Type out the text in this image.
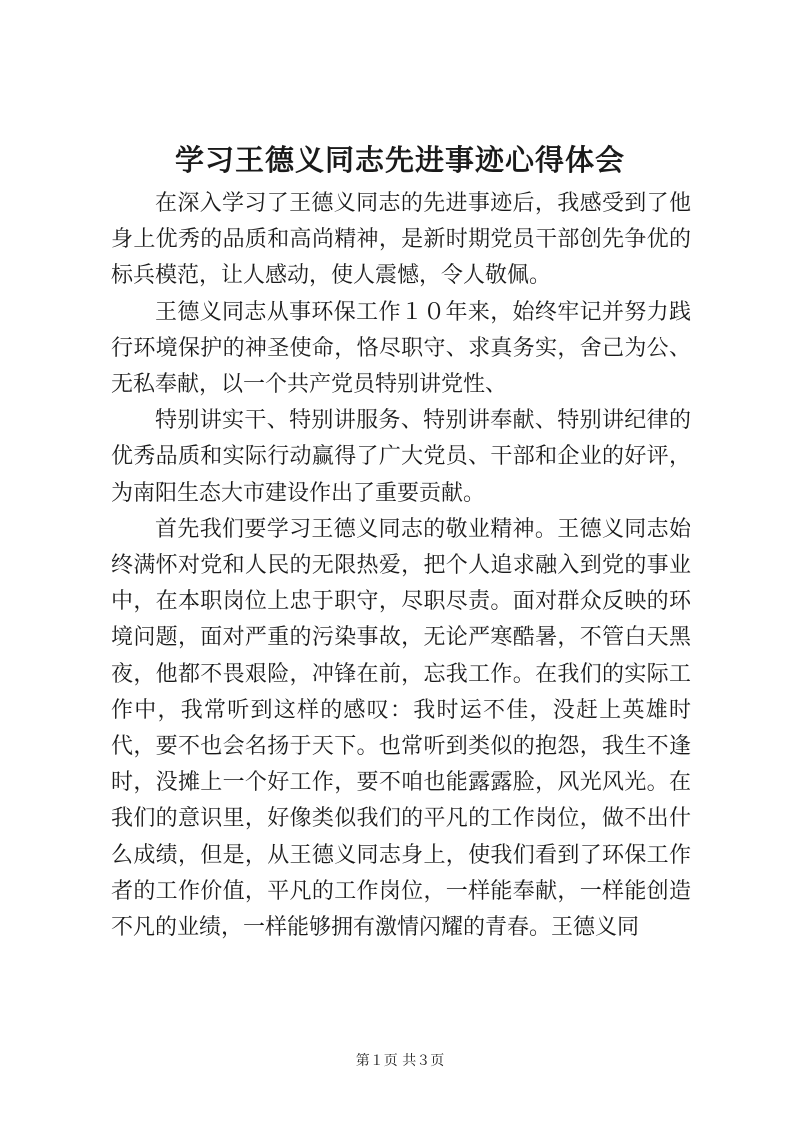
学习王德义同志先进事迹心得体会

在深入学习了王德义同志的先进事迹后，我感受到了他身上优秀的品质和高尚精神，是新时期党员干部创先争优的标兵模范，让人感动，使人震憾，令人敬佩。

王德义同志从事环保工作１０年来，始终牢记并努力践行环境保护的神圣使命，恪尽职守、求真务实，舍己为公、无私奉献，以一个共产党员特别讲党性、

特别讲实干、特别讲服务、特别讲奉献、特别讲纪律的优秀品质和实际行动赢得了广大党员、干部和企业的好评，为南阳生态大市建设作出了重要贡献。

首先我们要学习王德义同志的敬业精神。王德义同志始终满怀对党和人民的无限热爱，把个人追求融入到党的事业中，在本职岗位上忠于职守，尽职尽责。面对群众反映的环境问题，面对严重的污染事故，无论严寒酷暑，不管白天黑夜，他都不畏艰险，冲锋在前，忘我工作。在我们的实际工作中，我常听到这样的感叹：我时运不佳，没赶上英雄时代，要不也会名扬于天下。也常听到类似的抱怨，我生不逢时，没摊上一个好工作，要不咱也能露露脸，风光风光。在我们的意识里，好像类似我们的平凡的工作岗位，做不出什么成绩，但是，从王德义同志身上，使我们看到了环保工作者的工作价值，平凡的工作岗位，一样能奉献，一样能创造不凡的业绩，一样能够拥有激情闪耀的青春。王德义同

第１页 共３页
